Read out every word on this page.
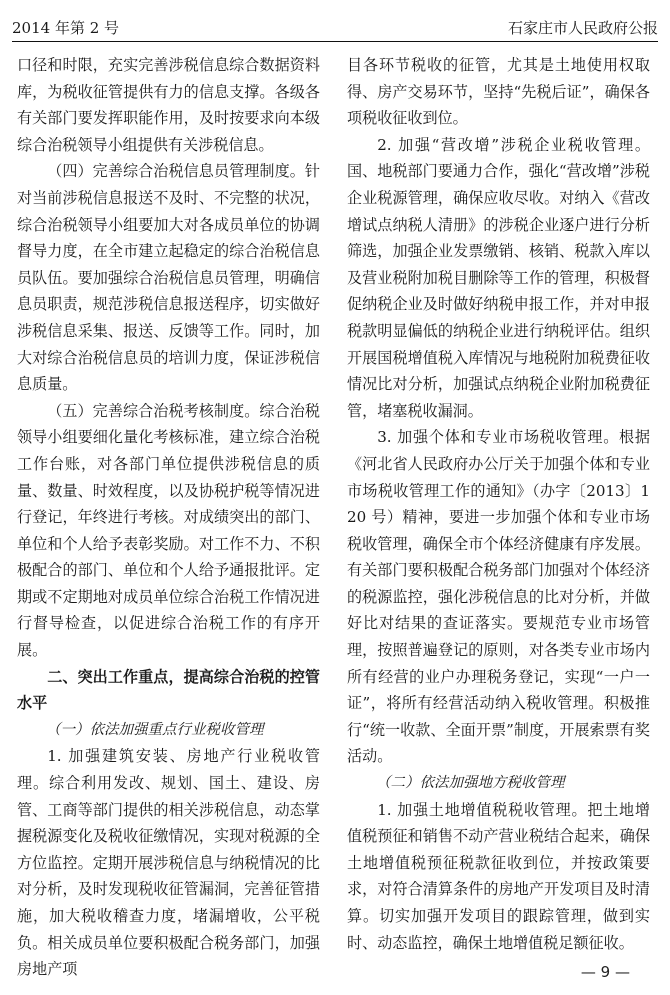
2014 年第 2 号	石家庄市人民政府公报

口径和时限，充实完善涉税信息综合数据资料库，为税收征管提供有力的信息支撑。各级各有关部门要发挥职能作用，及时按要求向本级综合治税领导小组提供有关涉税信息。

（四）完善综合治税信息员管理制度。针对当前涉税信息报送不及时、不完整的状况，综合治税领导小组要加大对各成员单位的协调督导力度，在全市建立起稳定的综合治税信息员队伍。要加强综合治税信息员管理，明确信息员职责，规范涉税信息报送程序，切实做好涉税信息采集、报送、反馈等工作。同时，加大对综合治税信息员的培训力度，保证涉税信息质量。

（五）完善综合治税考核制度。综合治税领导小组要细化量化考核标准，建立综合治税工作台账，对各部门单位提供涉税信息的质量、数量、时效程度，以及协税护税等情况进行登记，年终进行考核。对成绩突出的部门、单位和个人给予表彰奖励。对工作不力、不积极配合的部门、单位和个人给予通报批评。定期或不定期地对成员单位综合治税工作情况进行督导检查，以促进综合治税工作的有序开展。

二、突出工作重点，提高综合治税的控管水平

（一）依法加强重点行业税收管理

1. 加强建筑安装、房地产行业税收管理。综合利用发改、规划、国土、建设、房管、工商等部门提供的相关涉税信息，动态掌握税源变化及税收征缴情况，实现对税源的全方位监控。定期开展涉税信息与纳税情况的比对分析，及时发现税收征管漏洞，完善征管措施，加大税收稽查力度，堵漏增收，公平税负。相关成员单位要积极配合税务部门，加强房地产项

目各环节税收的征管，尤其是土地使用权取得、房产交易环节，坚持“先税后证”，确保各项税收征收到位。

2. 加强“营改增”涉税企业税收管理。国、地税部门要通力合作，强化“营改增”涉税企业税源管理，确保应收尽收。对纳入《营改增试点纳税人清册》的涉税企业逐户进行分析筛选，加强企业发票缴销、核销、税款入库以及营业税附加税目删除等工作的管理，积极督促纳税企业及时做好纳税申报工作，并对申报税款明显偏低的纳税企业进行纳税评估。组织开展国税增值税入库情况与地税附加税费征收情况比对分析，加强试点纳税企业附加税费征管，堵塞税收漏洞。

3. 加强个体和专业市场税收管理。根据《河北省人民政府办公厅关于加强个体和专业市场税收管理工作的通知》（办字〔2013〕120 号）精神，要进一步加强个体和专业市场税收管理，确保全市个体经济健康有序发展。有关部门要积极配合税务部门加强对个体经济的税源监控，强化涉税信息的比对分析，并做好比对结果的查证落实。要规范专业市场管理，按照普遍登记的原则，对各类专业市场内所有经营的业户办理税务登记，实现“一户一证”，将所有经营活动纳入税收管理。积极推行“统一收款、全面开票”制度，开展索票有奖活动。

（二）依法加强地方税收管理

1. 加强土地增值税税收管理。把土地增值税预征和销售不动产营业税结合起来，确保土地增值税预征税款征收到位，并按政策要求，对符合清算条件的房地产开发项目及时清算。切实加强开发项目的跟踪管理，做到实时、动态监控，确保土地增值税足额征收。

— 9 —
